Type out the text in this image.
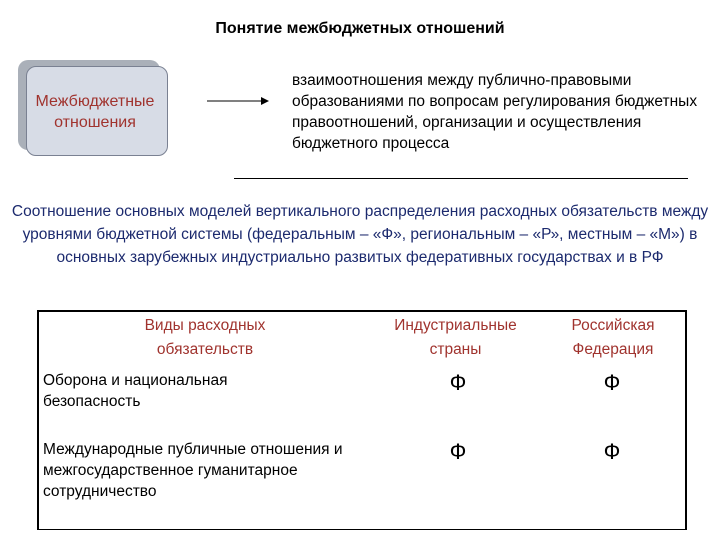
Понятие межбюджетных отношений
Межбюджетные отношения
взаимоотношения между публично-правовыми образованиями по вопросам регулирования бюджетных правоотношений, организации и осуществления бюджетного процесса
Соотношение основных моделей вертикального распределения расходных обязательств между уровнями бюджетной системы (федеральным – «Ф», региональным – «Р», местным – «М») в основных зарубежных индустриально развитых федеративных государствах и в РФ
Виды расходных обязательств
Индустриальные страны
Российская Федерация
Оборона и национальная безопасность
Ф	Ф
Международные публичные отношения и межгосударственное гуманитарное сотрудничество
Ф	Ф
